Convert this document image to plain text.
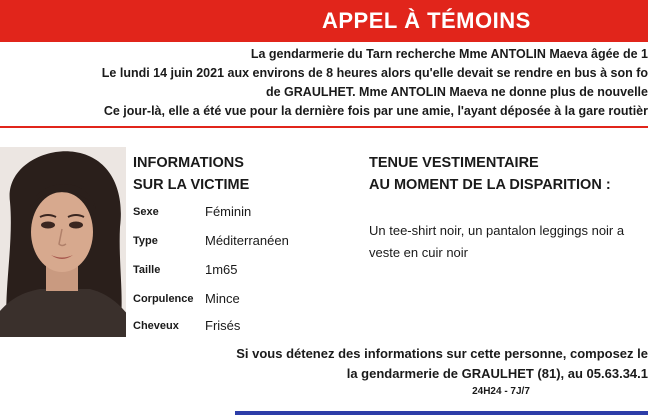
APPEL À TÉMOINS
La gendarmerie du Tarn recherche Mme ANTOLIN Maeva âgée de 1
Le lundi 14 juin 2021 aux environs de 8 heures alors qu'elle devait se rendre en bus à son fo
de GRAULHET. Mme ANTOLIN Maeva ne donne plus de nouvelle
Ce jour-là, elle a été vue pour la dernière fois par une amie, l'ayant déposée à la gare routièr
INFORMATIONS
SUR LA VICTIME
Sexe	Féminin
Type	Méditerranéen
Taille	1m65
Corpulence Mince
Cheveux Frisés
TENUE VESTIMENTAIRE
AU MOMENT DE LA DISPARITION :
Un tee-shirt noir, un pantalon leggings noir a
veste en cuir noir
Si vous détenez des informations sur cette personne, composez le
la gendarmerie de GRAULHET (81), au 05.63.34.1
24H24 - 7J/7
